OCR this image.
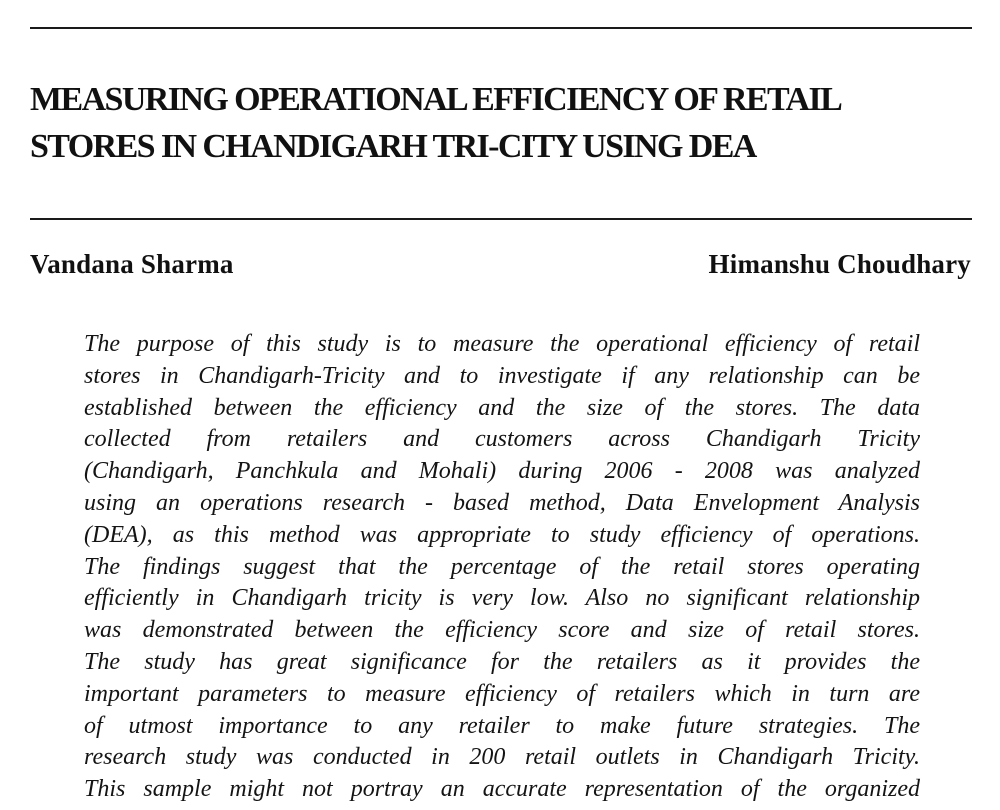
MEASURING OPERATIONAL EFFICIENCY OF RETAIL
STORES IN CHANDIGARH TRI-CITY USING DEA
Vandana Sharma	Himanshu Choudhary
The purpose of this study is to measure the operational efficiency of retail
stores in Chandigarh-Tricity and to investigate if any relationship can be
established between the efficiency and the size of the stores. The data
collected from retailers and customers across Chandigarh Tricity
(Chandigarh, Panchkula and Mohali) during 2006 - 2008 was analyzed
using an operations research - based method, Data Envelopment Analysis
(DEA), as this method was appropriate to study efficiency of operations.
The findings suggest that the percentage of the retail stores operating
efficiently in Chandigarh tricity is very low. Also no significant relationship
was demonstrated between the efficiency score and size of retail stores.
The study has great significance for the retailers as it provides the
important parameters to measure efficiency of retailers which in turn are
of utmost importance to any retailer to make future strategies. The
research study was conducted in 200 retail outlets in Chandigarh Tricity.
This sample might not portray an accurate representation of the organized
